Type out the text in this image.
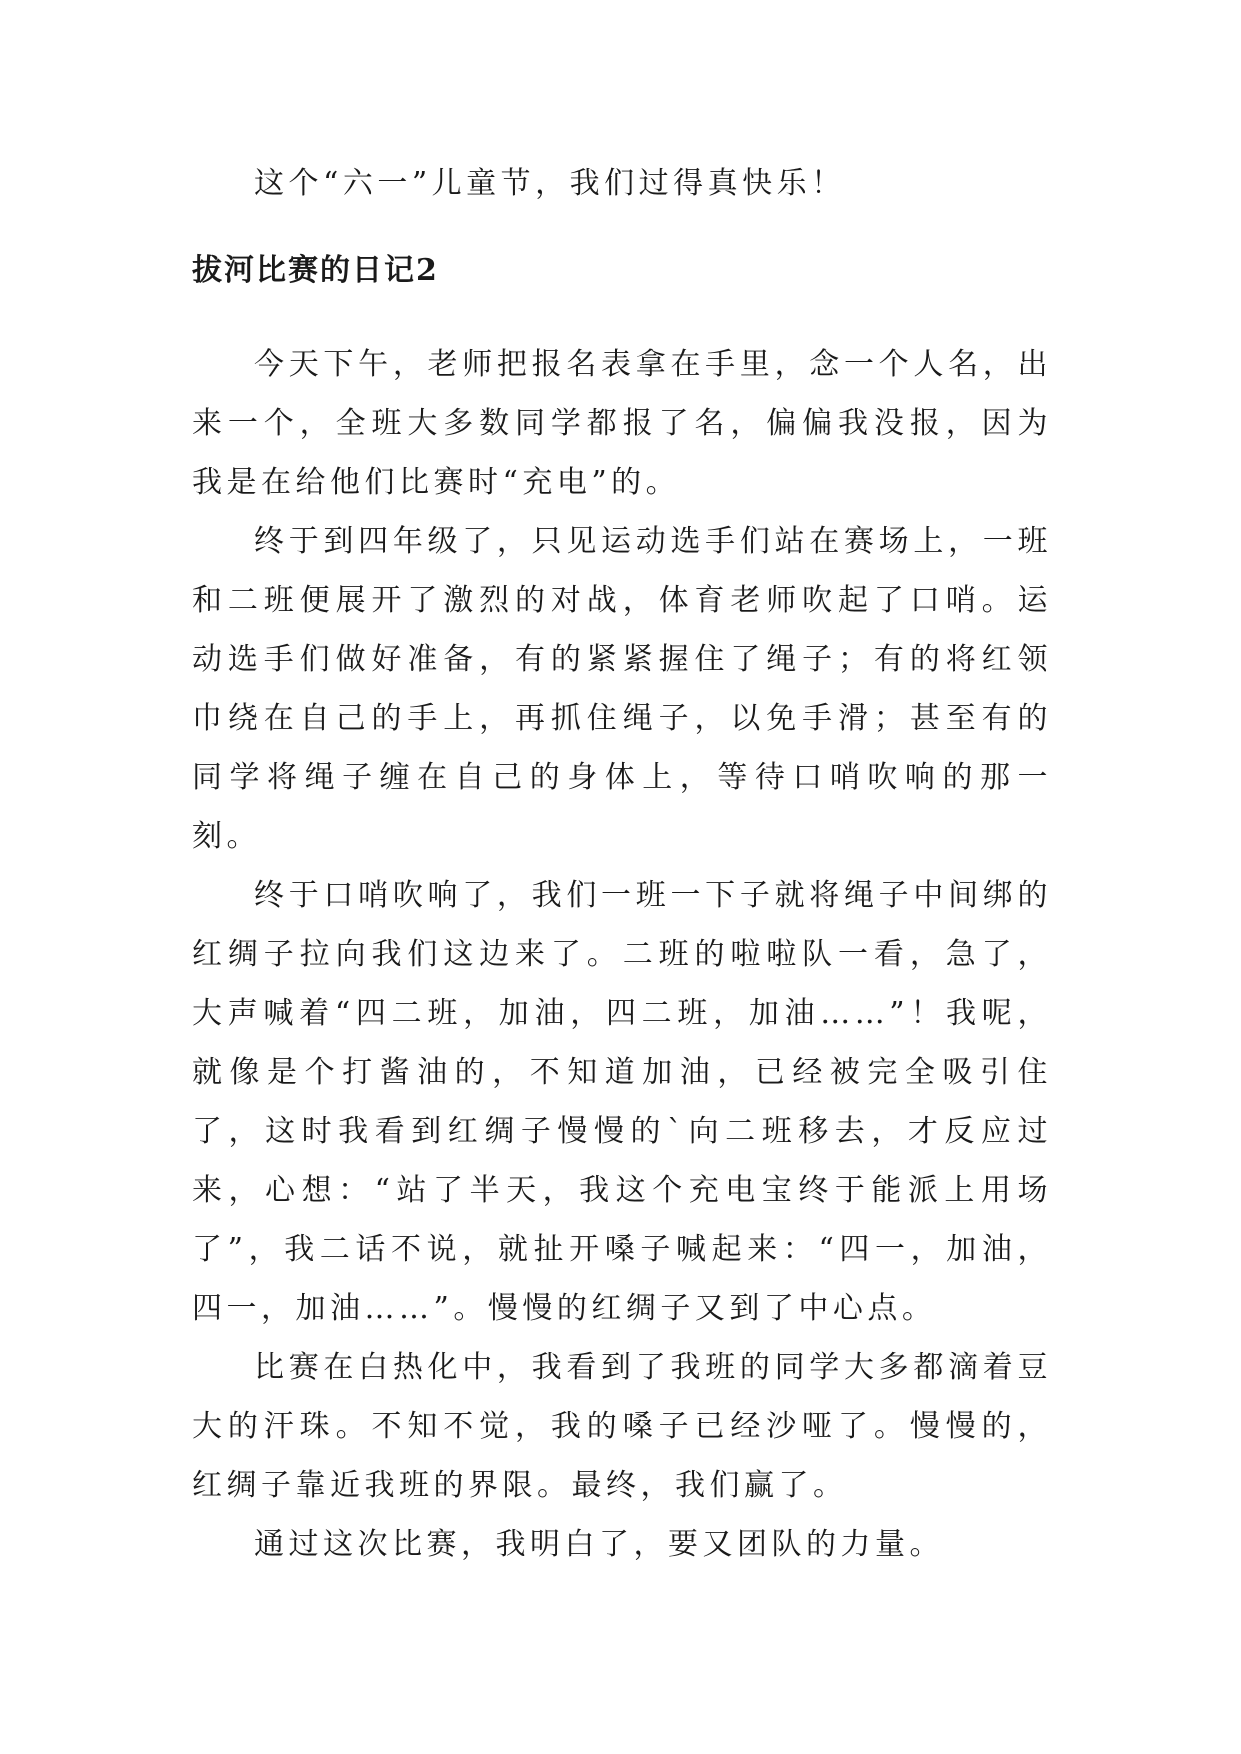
这个“六一”儿童节，我们过得真快乐！

拔河比赛的日记2

今天下午，老师把报名表拿在手里，念一个人名，出来一个，全班大多数同学都报了名，偏偏我没报，因为我是在给他们比赛时“充电”的。

终于到四年级了，只见运动选手们站在赛场上，一班和二班便展开了激烈的对战，体育老师吹起了口哨。运动选手们做好准备，有的紧紧握住了绳子；有的将红领巾绕在自己的手上，再抓住绳子，以免手滑；甚至有的同学将绳子缠在自己的身体上，等待口哨吹响的那一刻。

终于口哨吹响了，我们一班一下子就将绳子中间绑的红绸子拉向我们这边来了。二班的啦啦队一看，急了，大声喊着“四二班，加油，四二班，加油……”！我呢，就像是个打酱油的，不知道加油，已经被完全吸引住了，这时我看到红绸子慢慢的`向二班移去，才反应过来，心想：“站了半天，我这个充电宝终于能派上用场了”，我二话不说，就扯开嗓子喊起来：“四一，加油，四一，加油……”。慢慢的红绸子又到了中心点。

比赛在白热化中，我看到了我班的同学大多都滴着豆大的汗珠。不知不觉，我的嗓子已经沙哑了。慢慢的，红绸子靠近我班的界限。最终，我们赢了。

通过这次比赛，我明白了，要又团队的力量。
